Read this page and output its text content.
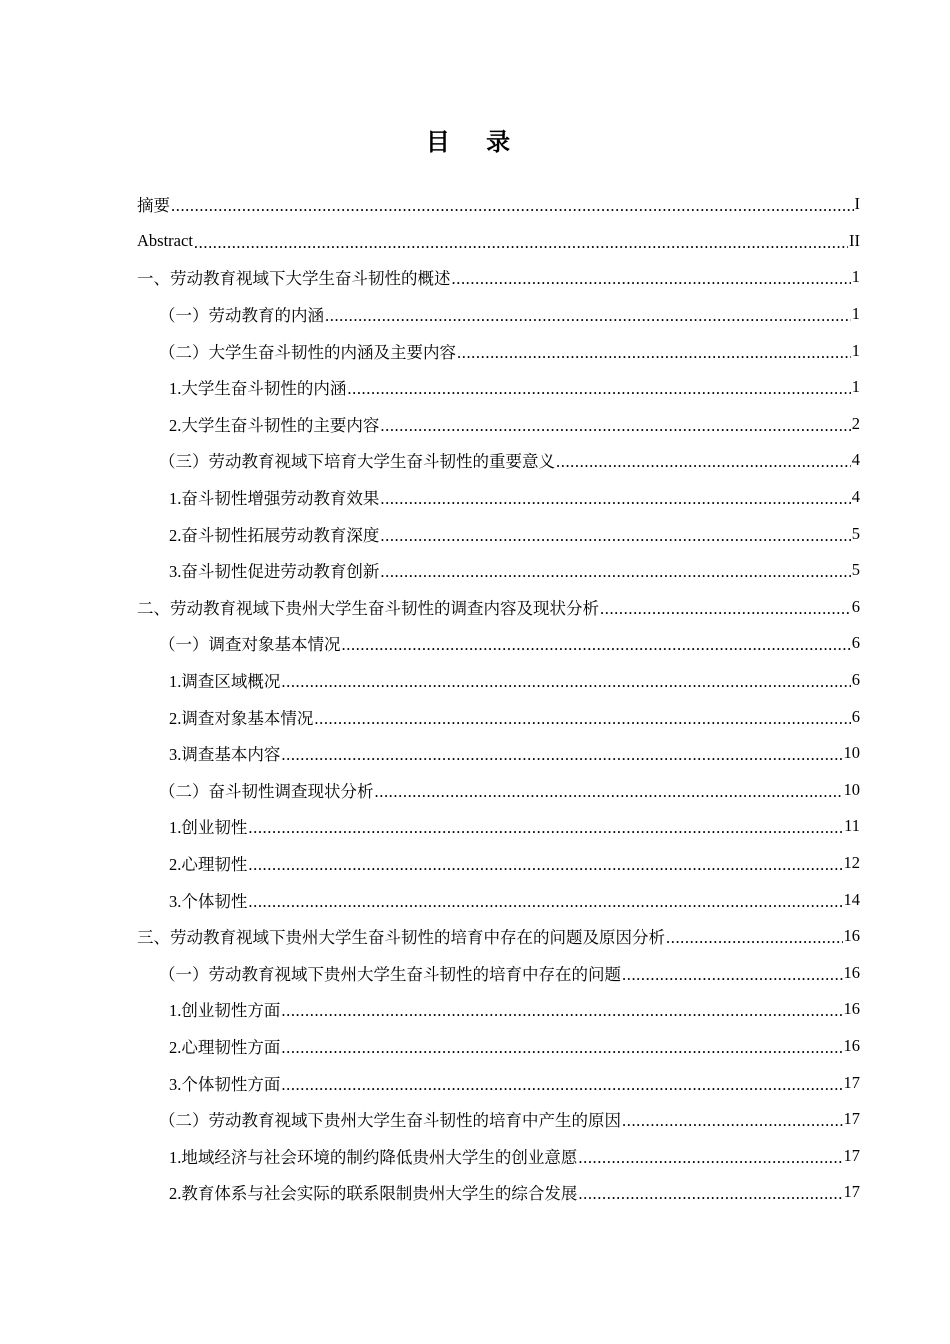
目 录
摘要 .....	I
Abstract .....	II
一、劳动教育视域下大学生奋斗韧性的概述 .....	1
（一）劳动教育的内涵 .....	1
（二）大学生奋斗韧性的内涵及主要内容 .....	1
1.大学生奋斗韧性的内涵 .....	1
2.大学生奋斗韧性的主要内容 .....	2
（三）劳动教育视域下培育大学生奋斗韧性的重要意义 .....	4
1.奋斗韧性增强劳动教育效果 .....	4
2.奋斗韧性拓展劳动教育深度 .....	5
3.奋斗韧性促进劳动教育创新 .....	5
二、劳动教育视域下贵州大学生奋斗韧性的调查内容及现状分析 .....	6
（一）调查对象基本情况 .....	6
1.调查区域概况 .....	6
2.调查对象基本情况 .....	6
3.调查基本内容 .....	10
（二）奋斗韧性调查现状分析 .....	10
1.创业韧性 .....	11
2.心理韧性 .....	12
3.个体韧性 .....	14
三、劳动教育视域下贵州大学生奋斗韧性的培育中存在的问题及原因分析 .....	16
（一）劳动教育视域下贵州大学生奋斗韧性的培育中存在的问题 .....	16
1.创业韧性方面 .....	16
2.心理韧性方面 .....	16
3.个体韧性方面 .....	17
（二）劳动教育视域下贵州大学生奋斗韧性的培育中产生的原因 .....	17
1.地域经济与社会环境的制约降低贵州大学生的创业意愿 .....	17
2.教育体系与社会实际的联系限制贵州大学生的综合发展 .....	17
